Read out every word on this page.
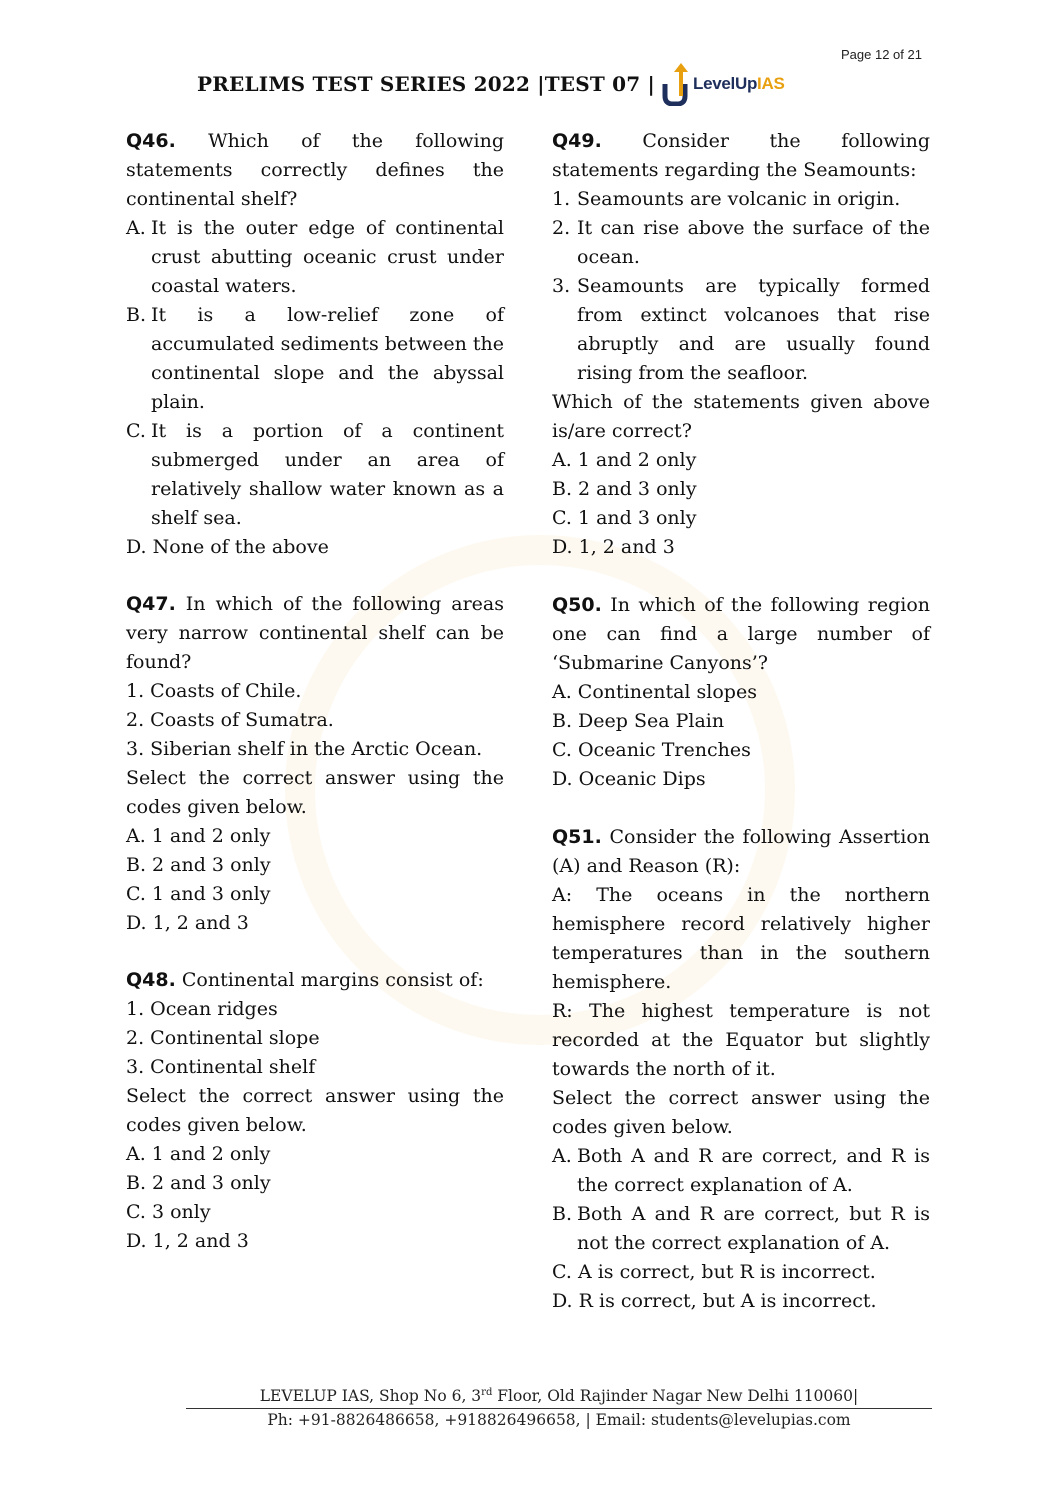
Page 12 of 21
PRELIMS TEST SERIES 2022 |TEST 07 | LevelUpIAS

Q46. Which of the following statements correctly defines the continental shelf?

A. It is the outer edge of continental crust abutting oceanic crust under coastal waters.
B. It is a low-relief zone of accumulated sediments between the continental slope and the abyssal plain.
C. It is a portion of a continent submerged under an area of relatively shallow water known as a shelf sea.

D. None of the above

Q47. In which of the following areas very narrow continental shelf can be found?

1. Coasts of Chile.

2. Coasts of Sumatra.

3. Siberian shelf in the Arctic Ocean.

Select the correct answer using the codes given below.

A. 1 and 2 only

B. 2 and 3 only

C. 1 and 3 only

D. 1, 2 and 3

Q48. Continental margins consist of:

1. Ocean ridges

2. Continental slope

3. Continental shelf

Select the correct answer using the codes given below.

A. 1 and 2 only

B. 2 and 3 only

C. 3 only

D. 1, 2 and 3

Q49. Consider the following statements regarding the Seamounts:

1. Seamounts are volcanic in origin.
2. It can rise above the surface of the ocean.
3. Seamounts are typically formed from extinct volcanoes that rise abruptly and are usually found rising from the seafloor.

Which of the statements given above is/are correct?

A. 1 and 2 only

B. 2 and 3 only

C. 1 and 3 only

D. 1, 2 and 3

Q50. In which of the following region one can find a large number of ‘Submarine Canyons’?

A. Continental slopes

B. Deep Sea Plain

C. Oceanic Trenches

D. Oceanic Dips

Q51. Consider the following Assertion (A) and Reason (R):

A: The oceans in the northern hemisphere record relatively higher temperatures than in the southern hemisphere.

R: The highest temperature is not recorded at the Equator but slightly towards the north of it.

Select the correct answer using the codes given below.

A. Both A and R are correct, and R is the correct explanation of A.
B. Both A and R are correct, but R is not the correct explanation of A.

C. A is correct, but R is incorrect.

D. R is correct, but A is incorrect.

LEVELUP IAS, Shop No 6, 3rd Floor, Old Rajinder Nagar New Delhi 110060|
Ph: +91-8826486658, +918826496658, | Email: students@levelupias.com
